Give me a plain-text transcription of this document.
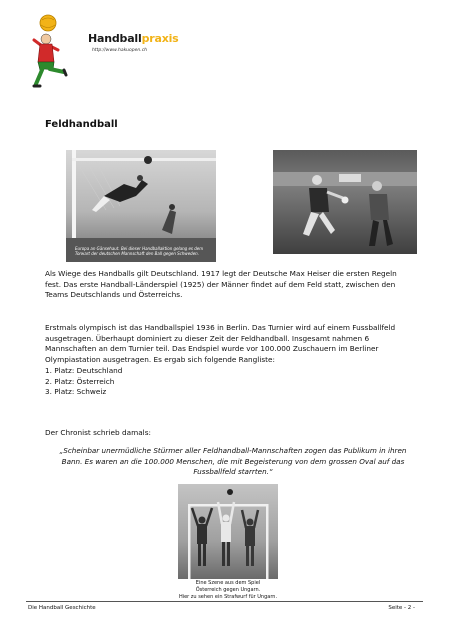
Handballpraxis
http://www.hakuopen.ch
Feldhandball
Europa an Gänsehaut. Bei dieser Handballaktion gelang es dem Torwart der deutschen Mannschaft den Ball gegen Schweden.

Als Wiege des Handballs gilt Deutschland. 1917 legt der Deutsche Max Heiser die ersten Regeln fest. Das erste Handball-Länderspiel (1925) der Männer findet auf dem Feld statt, zwischen den Teams Deutschlands und Österreichs.

Erstmals olympisch ist das Handballspiel 1936 in Berlin. Das Turnier wird auf einem Fussballfeld ausgetragen. Überhaupt dominiert zu dieser Zeit der Feldhandball. Insgesamt nahmen 6 Mannschaften an dem Turnier teil. Das Endspiel wurde vor 100.000 Zuschauern im Berliner Olympiastation ausgetragen. Es ergab sich folgende Rangliste:
1. Platz: Deutschland
2. Platz: Österreich
3. Platz: Schweiz

Der Chronist schrieb damals:

„Scheinbar unermüdliche Stürmer aller Feldhandball-Mannschaften zogen das Publikum in ihren Bann. Es waren an die 100.000 Menschen, die mit Begeisterung von dem grossen Oval auf das Fussballfeld starrten.“

Eine Szene aus dem Spiel
Österreich gegen Ungarn.
Hier zu sehen ein Strafwurf für Ungarn.
Die Handball Geschichte	Seite - 2 -
